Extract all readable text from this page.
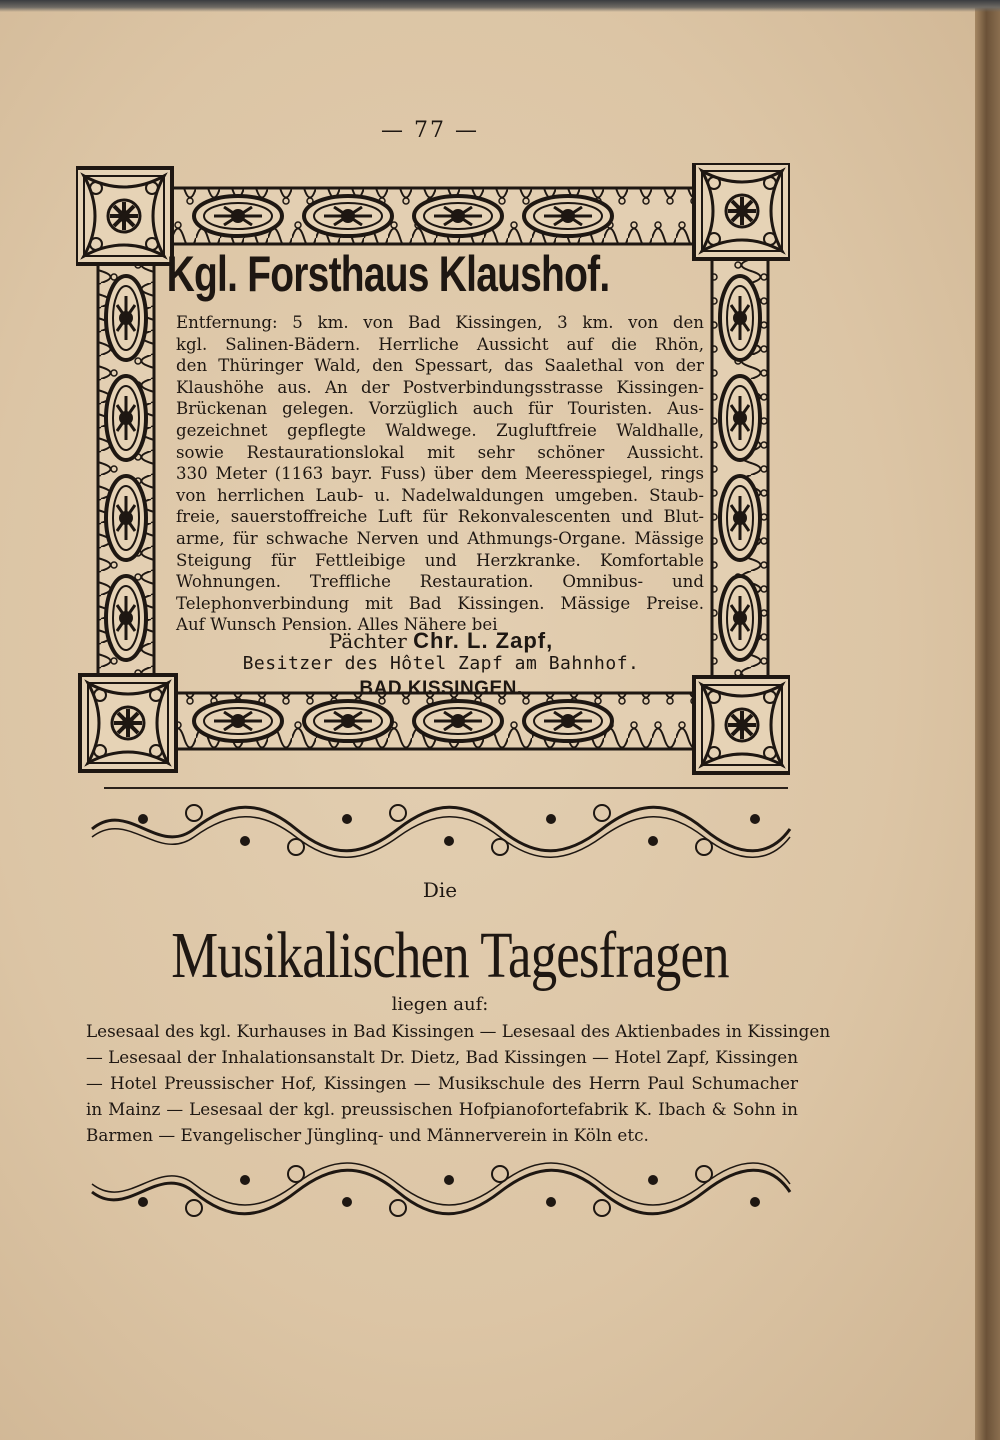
— 77 —
Kgl. Forsthaus Klaushof.
Entfernung: 5 km. von Bad Kissingen, 3 km. von den
kgl. Salinen-Bädern. Herrliche Aussicht auf die Rhön,
den Thüringer Wald, den Spessart, das Saalethal von der
Klaushöhe aus. An der Postverbindungsstrasse Kissingen-
Brückenan gelegen. Vorzüglich auch für Touristen. Aus-
gezeichnet gepflegte Waldwege. Zugluftfreie Waldhalle,
sowie Restaurationslokal mit sehr schöner Aussicht.
330 Meter (1163 bayr. Fuss) über dem Meeresspiegel, rings
von herrlichen Laub- u. Nadelwaldungen umgeben. Staub-
freie, sauerstoffreiche Luft für Rekonvalescenten und Blut-
arme, für schwache Nerven und Athmungs-Organe. Mässige
Steigung für Fettleibige und Herzkranke. Komfortable
Wohnungen. Treffliche Restauration. Omnibus- und
Telephonverbindung mit Bad Kissingen. Mässige Preise.
Auf Wunsch Pension. Alles Nähere bei
Pächter Chr. L. Zapf,
Besitzer des Hôtel Zapf am Bahnhof.
BAD KISSINGEN.
Die
Musikalischen Tagesfragen
liegen auf:
Lesesaal des kgl. Kurhauses in Bad Kissingen — Lesesaal des Aktienbades in Kissingen
— Lesesaal der Inhalationsanstalt Dr. Dietz, Bad Kissingen — Hotel Zapf, Kissingen
— Hotel Preussischer Hof, Kissingen — Musikschule des Herrn Paul Schumacher
in Mainz — Lesesaal der kgl. preussischen Hofpianofortefabrik K. Ibach & Sohn in
Barmen — Evangelischer Jünglinq- und Männerverein in Köln etc.
